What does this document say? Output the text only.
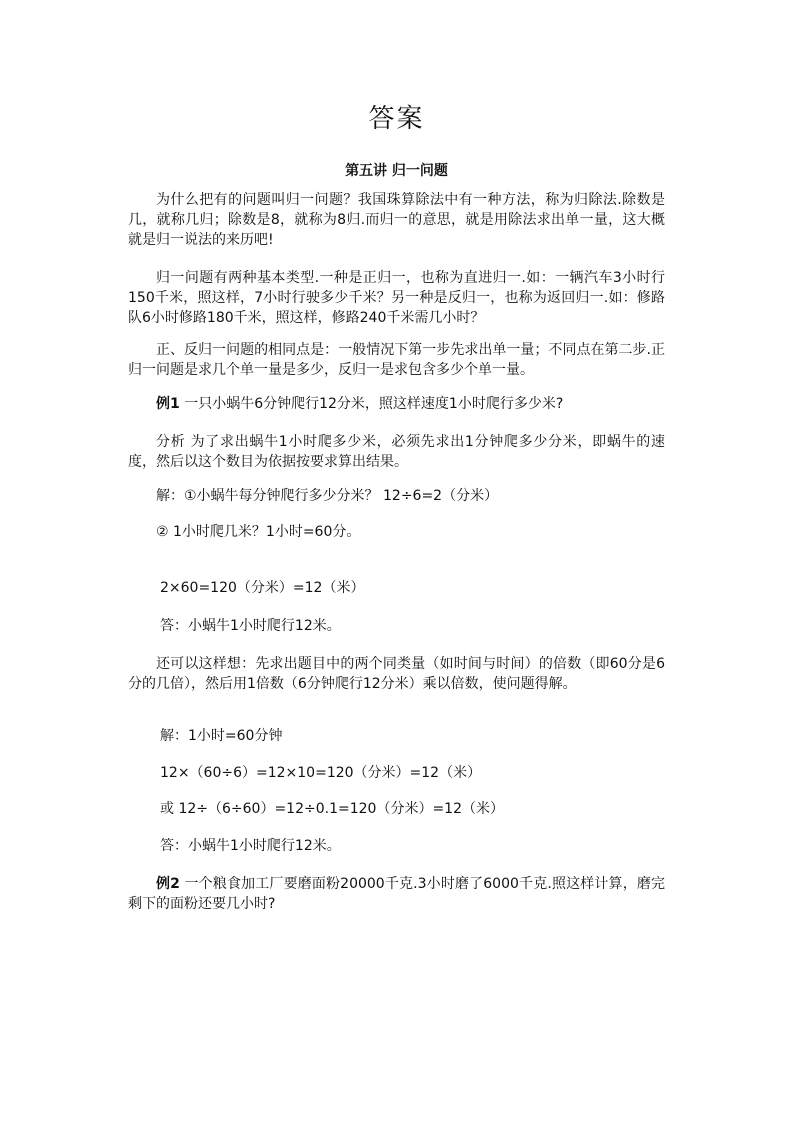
答案
第五讲 归一问题

为什么把有的问题叫归一问题？我国珠算除法中有一种方法，称为归除法.除数是几，就称几归；除数是8，就称为8归.而归一的意思，就是用除法求出单一量，这大概就是归一说法的来历吧!

归一问题有两种基本类型.一种是正归一，也称为直进归一.如：一辆汽车3小时行150千米，照这样，7小时行驶多少千米？另一种是反归一，也称为返回归一.如：修路队6小时修路180千米，照这样，修路240千米需几小时？

正、反归一问题的相同点是：一般情况下第一步先求出单一量；不同点在第二步.正归一问题是求几个单一量是多少，反归一是求包含多少个单一量。

例1 一只小蜗牛6分钟爬行12分米，照这样速度1小时爬行多少米?

分析 为了求出蜗牛1小时爬多少米，必须先求出1分钟爬多少分米，即蜗牛的速度，然后以这个数目为依据按要求算出结果。

解：①小蜗牛每分钟爬行多少分米？ 12÷6=2（分米）
② 1小时爬几米？1小时=60分。
2×60=120（分米）=12（米）
答：小蜗牛1小时爬行12米。

还可以这样想：先求出题目中的两个同类量（如时间与时间）的倍数（即60分是6分的几倍），然后用1倍数（6分钟爬行12分米）乘以倍数，使问题得解。

解：1小时=60分钟
12×（60÷6）=12×10=120（分米）=12（米）
或 12÷（6÷60）=12÷0.1=120（分米）=12（米）
答：小蜗牛1小时爬行12米。

例2 一个粮食加工厂要磨面粉20000千克.3小时磨了6000千克.照这样计算，磨完剩下的面粉还要几小时?
